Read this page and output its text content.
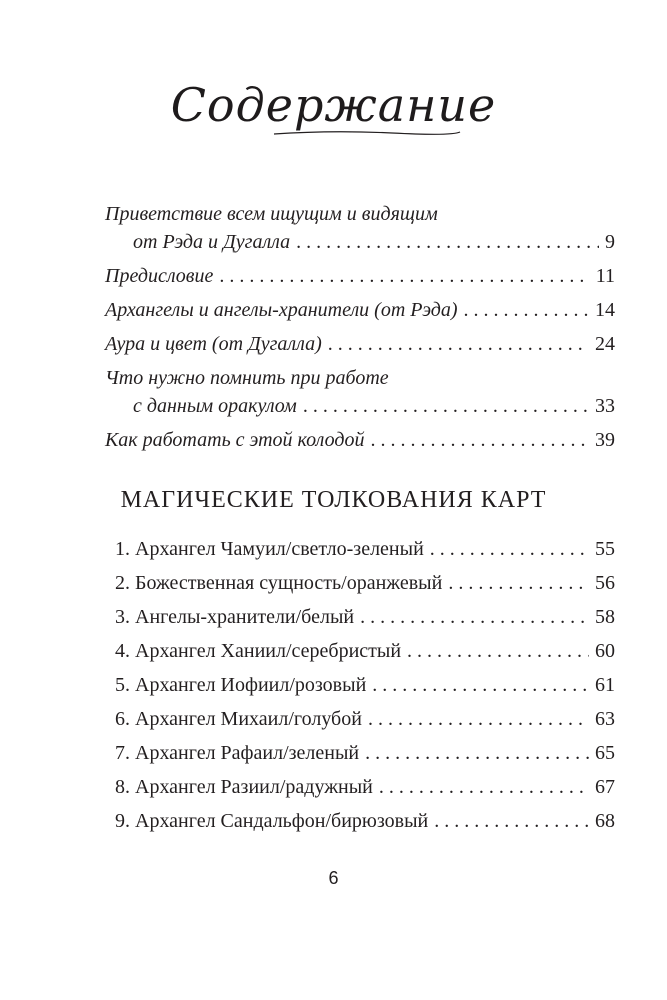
Содержание
Приветствие всем ищущим и видящим
от Рэда и Дугалла . . .	9
Предисловие . . .	11
Архангелы и ангелы-хранители (от Рэда) . . .	14
Аура и цвет (от Дугалла) . . .	24
Что нужно помнить при работе
с данным оракулом . . .	33
Как работать с этой колодой . . .	39
МАГИЧЕСКИЕ ТОЛКОВАНИЯ КАРТ
1. Архангел Чамуил/светло-зеленый . . .	55
2. Божественная сущность/оранжевый . . .	56
3. Ангелы-хранители/белый . . .	58
4. Архангел Ханиил/серебристый . . .	60
5. Архангел Иофиил/розовый . . .	61
6. Архангел Михаил/голубой . . .	63
7. Архангел Рафаил/зеленый . . .	65
8. Архангел Разиил/радужный . . .	67
9. Архангел Сандальфон/бирюзовый . . .	68
6
